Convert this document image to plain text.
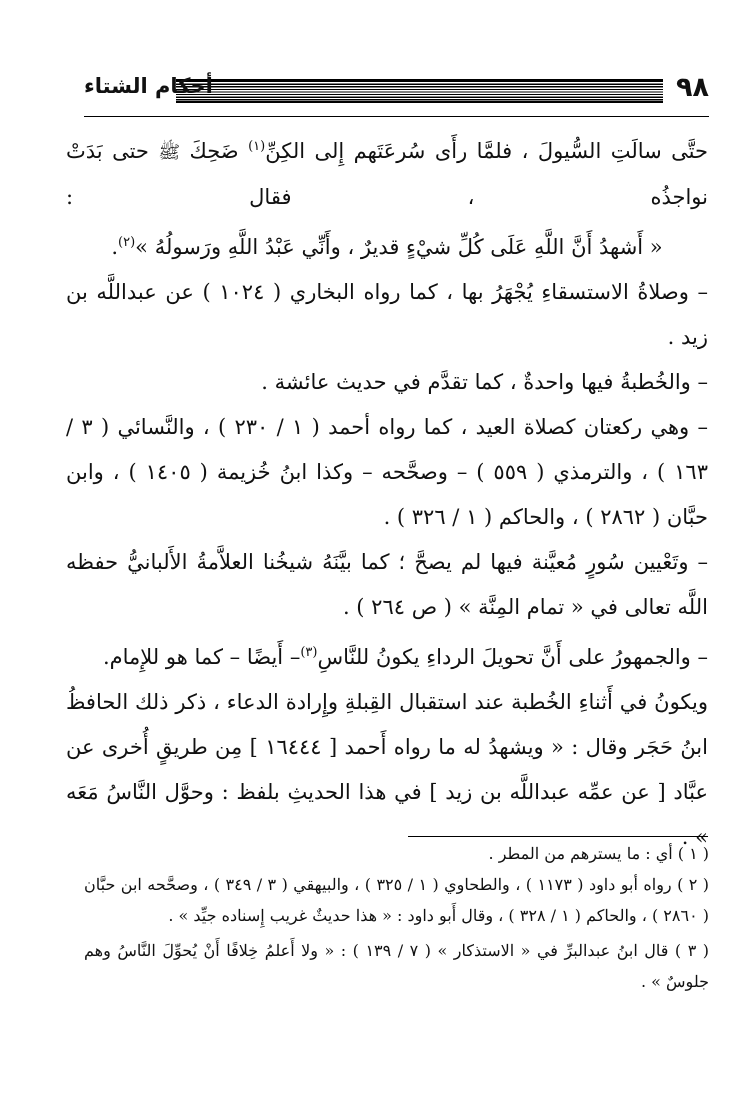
٩٨
أحكام الشتاء

حتَّى سالَتِ السُّيولَ ، فلمَّا رأَى سُرعَتَهم إِلى الكِنِّ$^{(١)}$ ضَحِكَ ﷺ حتى بَدَتْ نواجذُه ، فقال :

« أَشهدُ أَنَّ اللَّهِ عَلَى كُلِّ شيْءٍ قديرٌ ، وأَنِّي عَبْدُ اللَّهِ ورَسولُهُ »$^{(٢)}$.

– وصلاةُ الاستسقاءِ يُجْهَرُ بها ، كما رواه البخاري ( ١٠٢٤ ) عن عبداللَّه بن زيد .

– والخُطبةُ فيها واحدةٌ ، كما تقدَّم في حديث عائشة .

– وهي ركعتان كصلاة العيد ، كما رواه أحمد ( ١ / ٢٣٠ ) ، والنَّسائي ( ٣ / ١٦٣ ) ، والترمذي ( ٥٥٩ ) – وصحَّحه – وكذا ابنُ خُزيمة ( ١٤٠٥ ) ، وابن حبَّان ( ٢٨٦٢ ) ، والحاكم ( ١ / ٣٢٦ ) .

– وتَعْيين سُورٍ مُعيَّنة فيها لم يصحَّ ؛ كما بيَّنَهُ شيخُنا العلاَّمةُ الأَلبانيُّ حفظه اللَّه تعالى في « تمام المِنَّة » ( ص ٢٦٤ ) .

– والجمهورُ على أَنَّ تحويلَ الرداءِ يكونُ للنَّاسِ$^{(٣)}$– أَيضًا – كما هو للإِمام.

ويكونُ في أَثناءِ الخُطبة عند استقبال القِبلةِ وإِرادة الدعاء ، ذكر ذلك الحافظُ ابنُ حَجَر وقال : « ويشهدُ له ما رواه أَحمد [ ١٦٤٤٤ ] مِن طريقٍ أُخرى عن عبَّاد [ عن عمِّه عبداللَّه بن زيد ] في هذا الحديثِ بلفظ : وحوَّل النَّاسُ مَعَه » .

( ١ ) أي : ما يسترهم من المطر .

( ٢ ) رواه أبو داود ( ١١٧٣ ) ، والطحاوي ( ١ / ٣٢٥ ) ، والبيهقي ( ٣ / ٣٤٩ ) ، وصحَّحه ابن حبَّان ( ٢٨٦٠ ) ، والحاكم ( ١ / ٣٢٨ ) ، وقال أَبو داود : « هذا حديثٌ غريب إِسناده جيِّد » .

( ٣ ) قال ابنُ عبدالبرِّ في « الاستذكار » ( ٧ / ١٣٩ ) : « ولا أَعلمُ خِلافًا أَنْ يُحوِّلَ النَّاسُ وهم جلوسٌ » .
